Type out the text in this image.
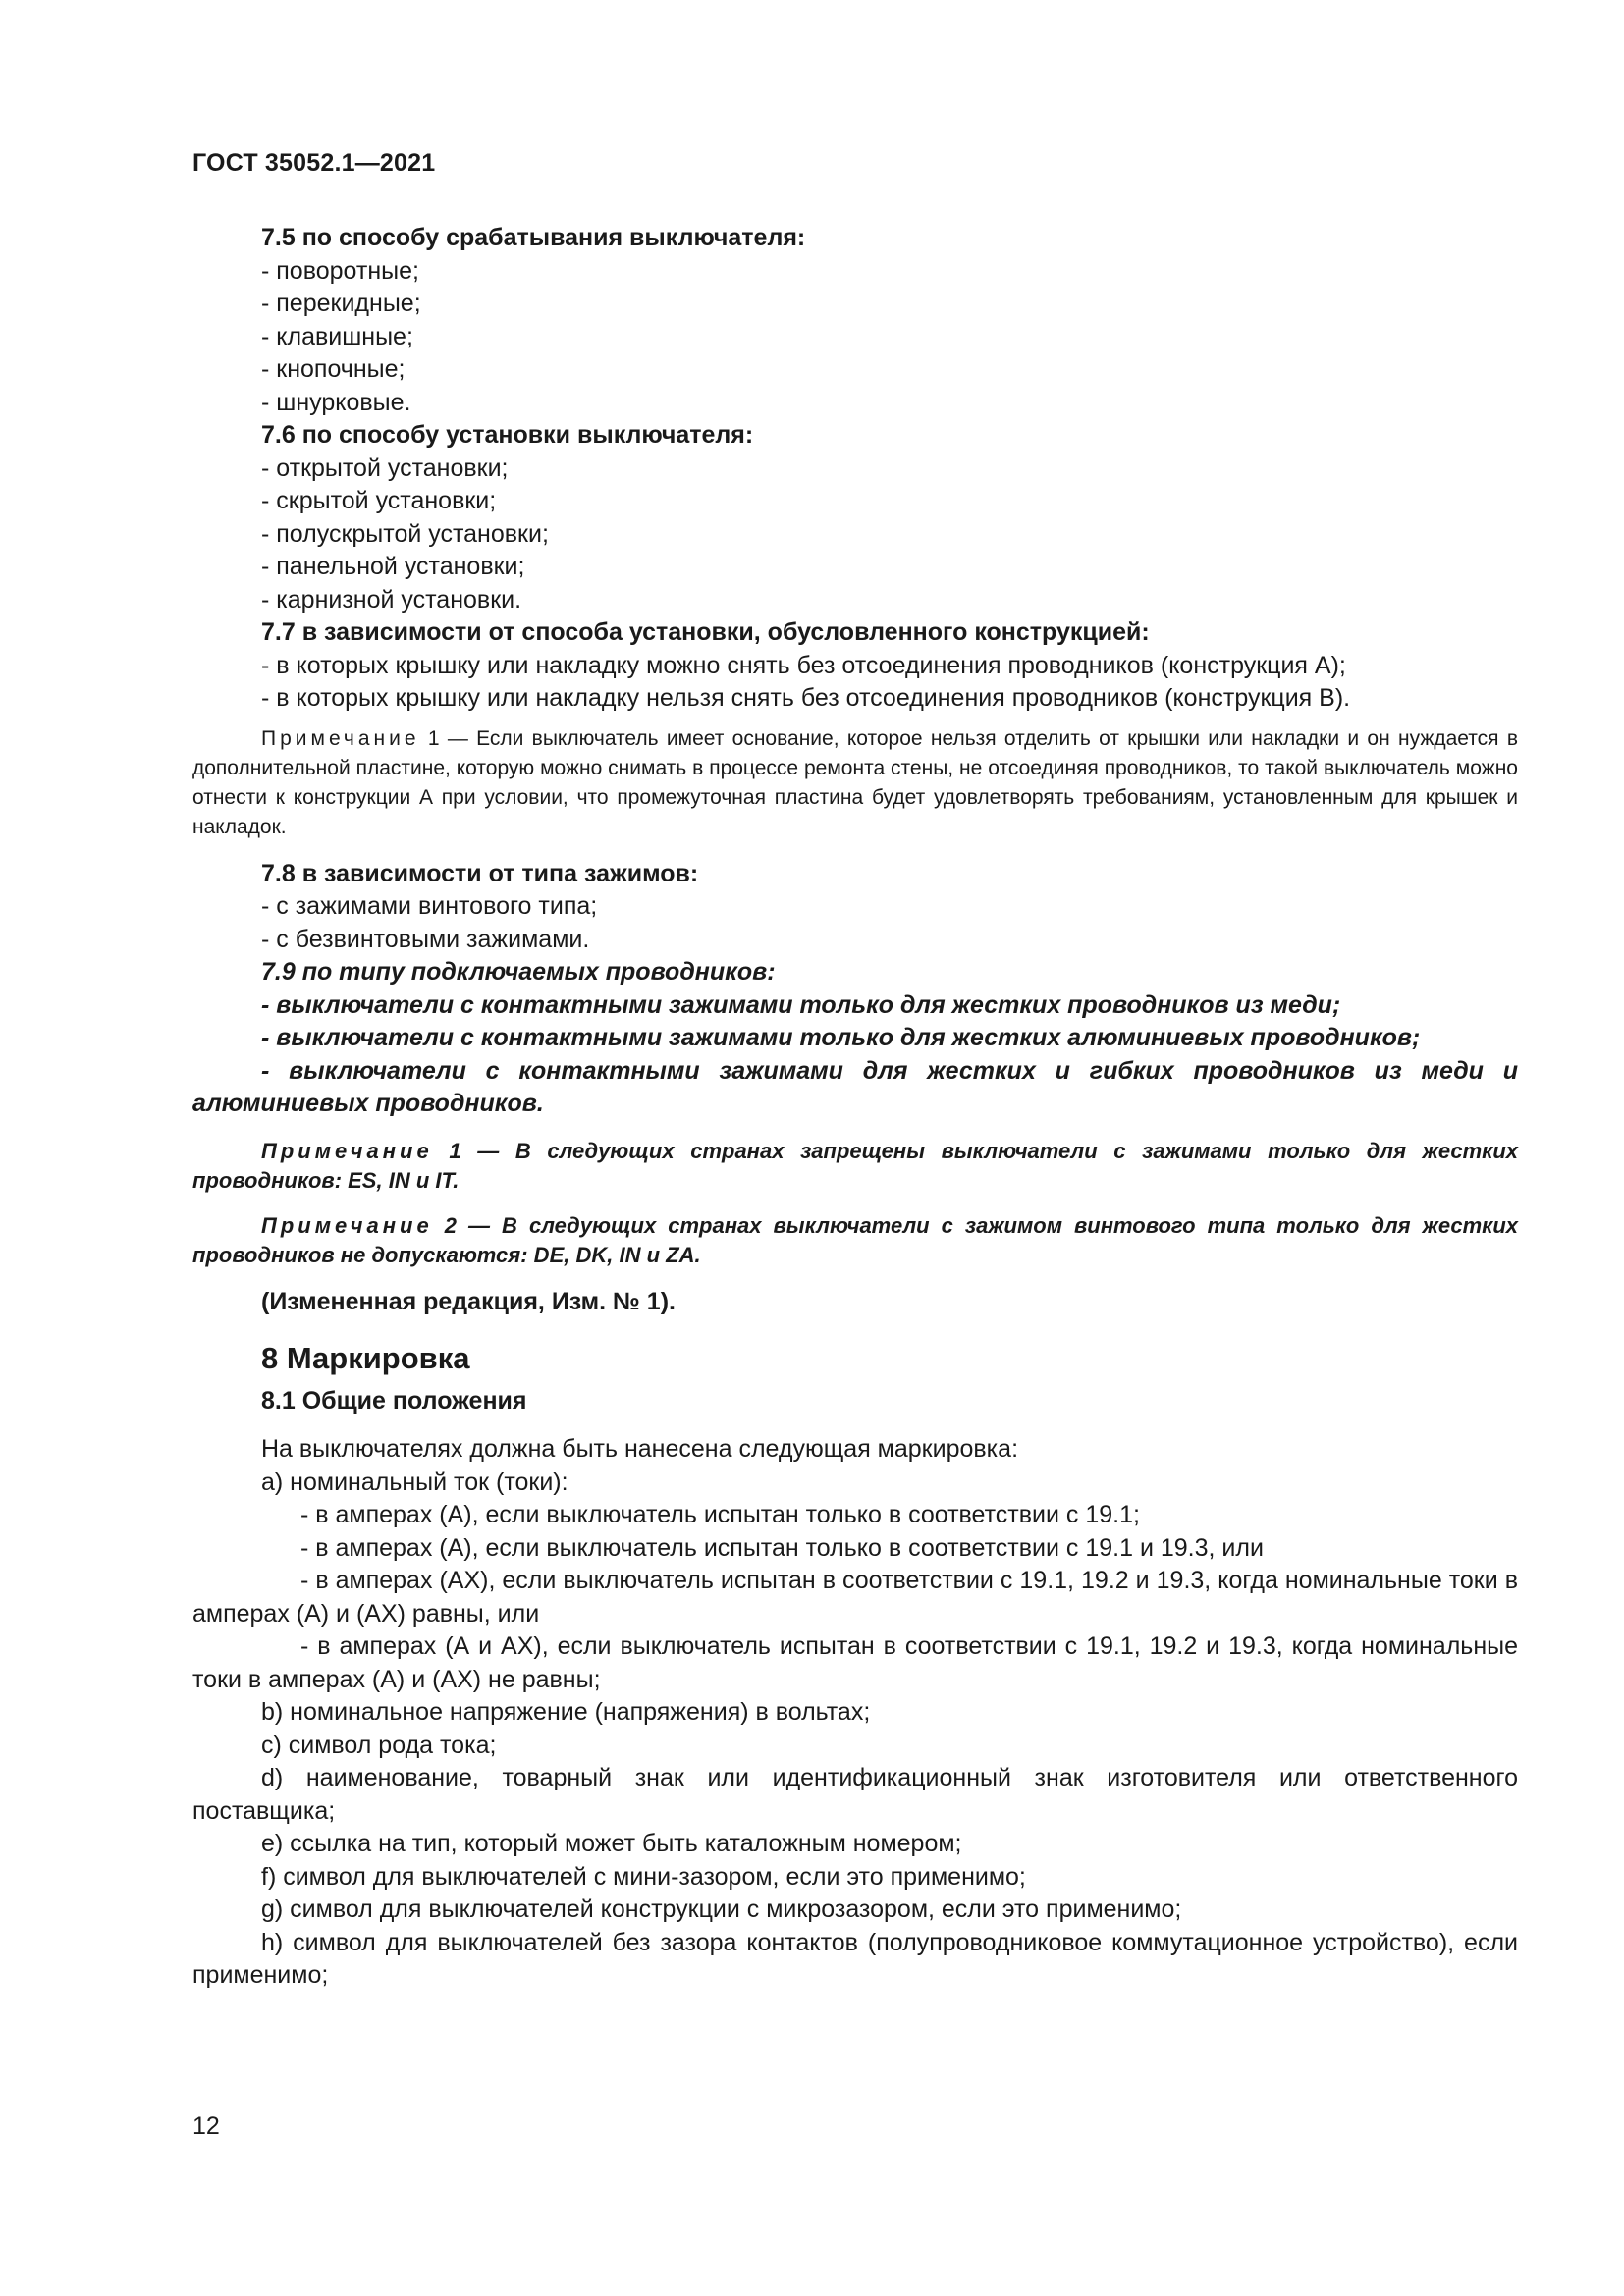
ГОСТ 35052.1—2021

7.5 по способу срабатывания выключателя:

- поворотные;

- перекидные;

- клавишные;

- кнопочные;

- шнурковые.

7.6 по способу установки выключателя:

- открытой установки;

- скрытой установки;

- полускрытой установки;

- панельной установки;

- карнизной установки.

7.7 в зависимости от способа установки, обусловленного конструкцией:

- в которых крышку или накладку можно снять без отсоединения проводников (конструкция А);

- в которых крышку или накладку нельзя снять без отсоединения проводников (конструкция В).

Примечание 1 — Если выключатель имеет основание, которое нельзя отделить от крышки или накладки и он нуждается в дополнительной пластине, которую можно снимать в процессе ремонта стены, не отсоединяя проводников, то такой выключатель можно отнести к конструкции А при условии, что промежуточная пластина будет удовлетворять требованиям, установленным для крышек и накладок.

7.8 в зависимости от типа зажимов:

- с зажимами винтового типа;

- с безвинтовыми зажимами.

7.9 по типу подключаемых проводников:

- выключатели с контактными зажимами только для жестких проводников из меди;

- выключатели с контактными зажимами только для жестких алюминиевых проводников;

- выключатели с контактными зажимами для жестких и гибких проводников из меди и алюминиевых проводников.

Примечание 1 — В следующих странах запрещены выключатели с зажимами только для жестких проводников: ES, IN и IT.

Примечание 2 — В следующих странах выключатели с зажимом винтового типа только для жестких проводников не допускаются: DE, DK, IN и ZA.

(Измененная редакция, Изм. № 1).

8 Маркировка

8.1 Общие положения

На выключателях должна быть нанесена следующая маркировка:

а) номинальный ток (токи):

- в амперах (А), если выключатель испытан только в соответствии с 19.1;

- в амперах (А), если выключатель испытан только в соответствии с 19.1 и 19.3, или

- в амперах (АХ), если выключатель испытан в соответствии с 19.1, 19.2 и 19.3, когда номинальные токи в амперах (А) и (АХ) равны, или

- в амперах (А и АХ), если выключатель испытан в соответствии с 19.1, 19.2 и 19.3, когда номинальные токи в амперах (А) и (АХ) не равны;

b) номинальное напряжение (напряжения) в вольтах;

с) символ рода тока;

d) наименование, товарный знак или идентификационный знак изготовителя или ответственного поставщика;

е) ссылка на тип, который может быть каталожным номером;

f) символ для выключателей с мини-зазором, если это применимо;

g) символ для выключателей конструкции с микрозазором, если это применимо;

h) символ для выключателей без зазора контактов (полупроводниковое коммутационное устройство), если применимо;

12
